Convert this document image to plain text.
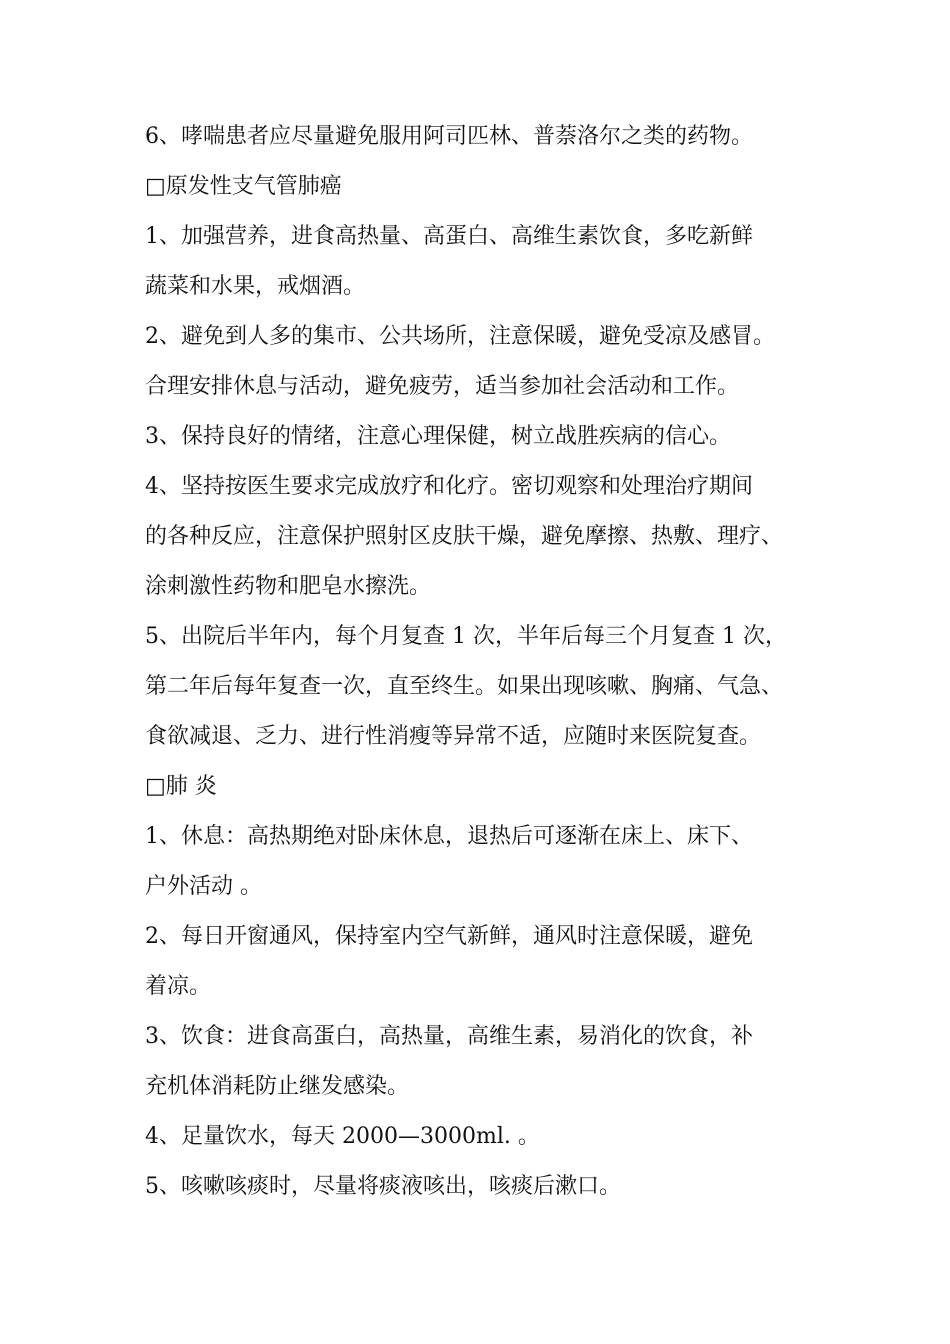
6、哮喘患者应尽量避免服用阿司匹林、普萘洛尔之类的药物。
□原发性支气管肺癌
1、加强营养，进食高热量、高蛋白、高维生素饮食，多吃新鲜
蔬菜和水果，戒烟酒。
2、避免到人多的集市、公共场所，注意保暖，避免受凉及感冒。
合理安排休息与活动，避免疲劳，适当参加社会活动和工作。
3、保持良好的情绪，注意心理保健，树立战胜疾病的信心。
4、坚持按医生要求完成放疗和化疗。密切观察和处理治疗期间
的各种反应，注意保护照射区皮肤干燥，避免摩擦、热敷、理疗、
涂刺激性药物和肥皂水擦洗。
5、出院后半年内，每个月复查 1 次，半年后每三个月复查 1 次，
第二年后每年复查一次，直至终生。如果出现咳嗽、胸痛、气急、
食欲减退、乏力、进行性消瘦等异常不适，应随时来医院复查。
□肺 炎
1、休息：高热期绝对卧床休息，退热后可逐渐在床上、床下、
户外活动 。
2、每日开窗通风，保持室内空气新鲜，通风时注意保暖，避免
着凉。
3、饮食：进食高蛋白，高热量，高维生素，易消化的饮食，补
充机体消耗防止继发感染。
4、足量饮水，每天 2000—3000ml. 。
5、咳嗽咳痰时，尽量将痰液咳出，咳痰后漱口。
